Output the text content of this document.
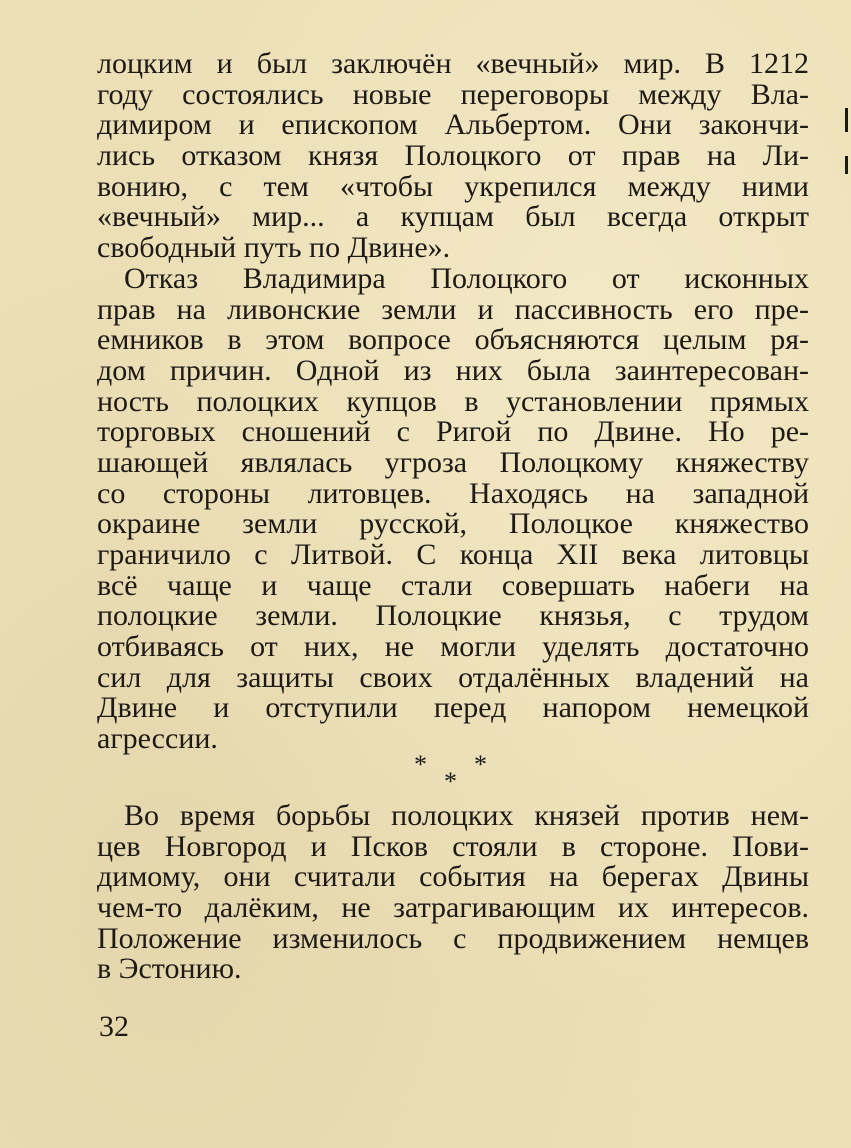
лоцким и был заключён «вечный» мир. В 1212
году состоялись новые переговоры между Вла-
димиром и епископом Альбертом. Они закончи-
лись отказом князя Полоцкого от прав на Ли-
вонию, с тем «чтобы укрепился между ними
«вечный» мир... а купцам был всегда открыт
свободный путь по Двине».
Отказ Владимира Полоцкого от исконных
прав на ливонские земли и пассивность его пре-
емников в этом вопросе объясняются целым ря-
дом причин. Одной из них была заинтересован-
ность полоцких купцов в установлении прямых
торговых сношений с Ригой по Двине. Но ре-
шающей являлась угроза Полоцкому княжеству
со стороны литовцев. Находясь на западной
окраине земли русской, Полоцкое княжество
граничило с Литвой. С конца XII века литовцы
всё чаще и чаще стали совершать набеги на
полоцкие земли. Полоцкие князья, с трудом
отбиваясь от них, не могли уделять достаточно
сил для защиты своих отдалённых владений на
Двине и отступили перед напором немецкой
агрессии.
Во время борьбы полоцких князей против нем-
цев Новгород и Псков стояли в стороне. Пови-
димому, они считали события на берегах Двины
чем-то далёким, не затрагивающим их интересов.
Положение изменилось с продвижением немцев
в Эстонию.
* *
*
32
